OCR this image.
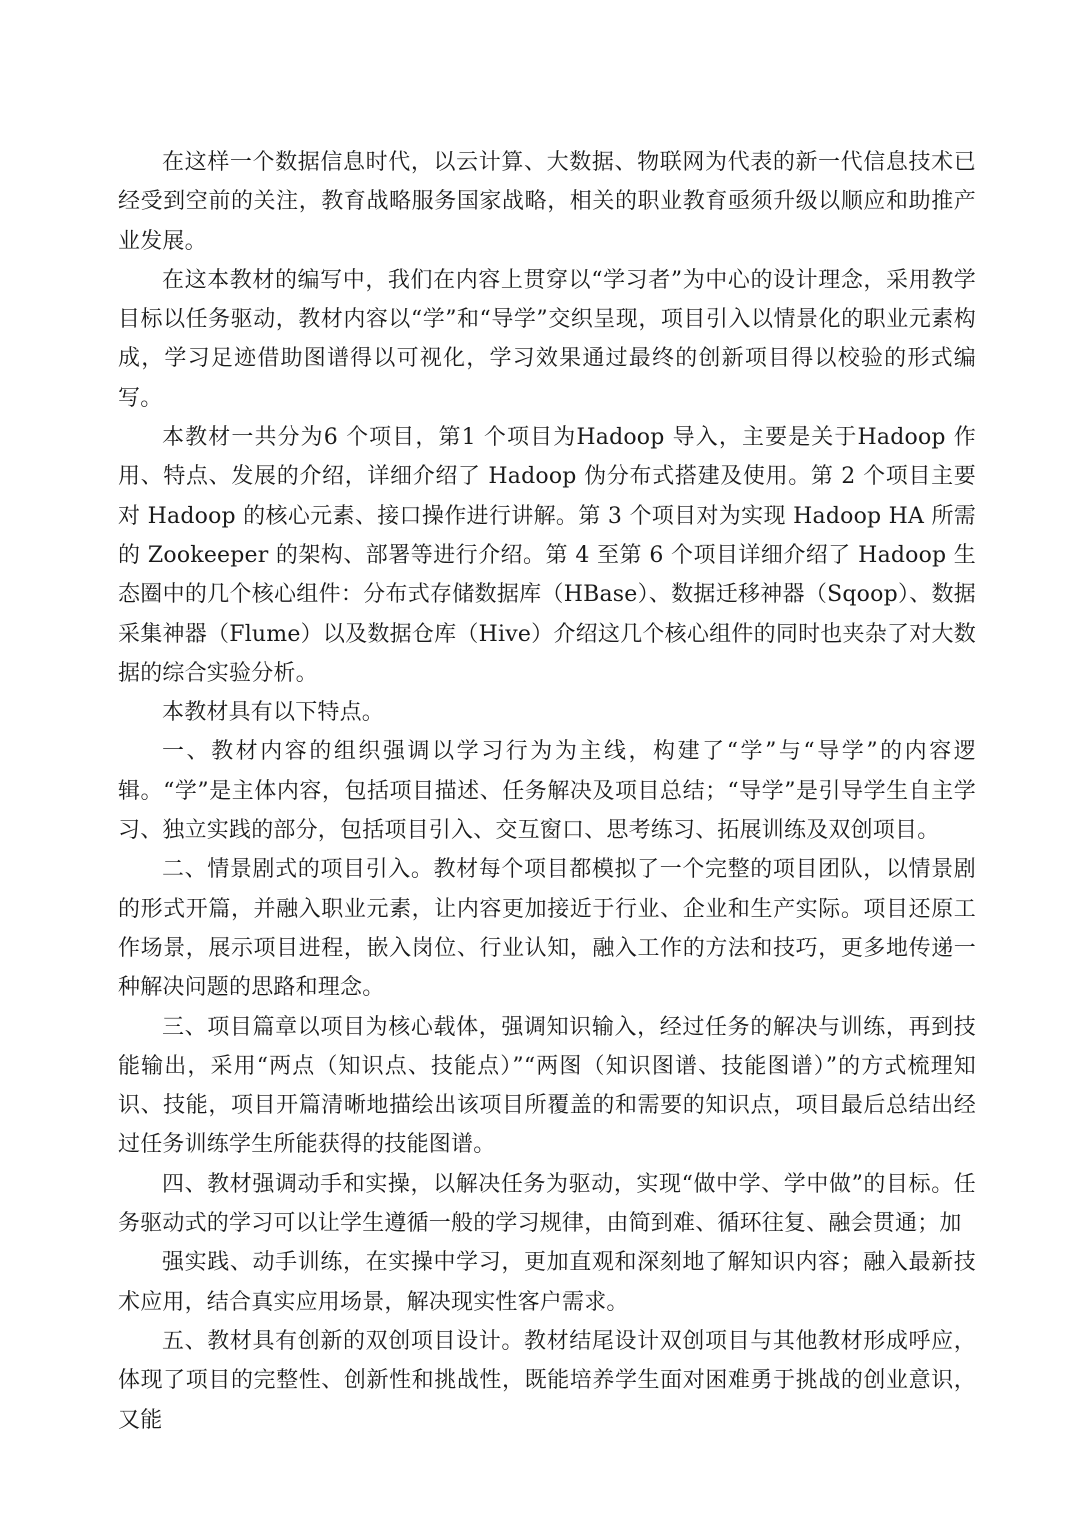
在这样一个数据信息时代，以云计算、大数据、物联网为代表的新一代信息技术已经受到空前的关注，教育战略服务国家战略，相关的职业教育亟须升级以顺应和助推产业发展。

在这本教材的编写中，我们在内容上贯穿以“学习者”为中心的设计理念，采用教学目标以任务驱动，教材内容以“学”和“导学”交织呈现，项目引入以情景化的职业元素构成，学习足迹借助图谱得以可视化，学习效果通过最终的创新项目得以校验的形式编写。

本教材一共分为6 个项目，第1 个项目为Hadoop 导入，主要是关于Hadoop 作用、特点、发展的介绍，详细介绍了 Hadoop 伪分布式搭建及使用。第 2 个项目主要对 Hadoop 的核心元素、接口操作进行讲解。第 3 个项目对为实现 Hadoop HA 所需的 Zookeeper 的架构、部署等进行介绍。第 4 至第 6 个项目详细介绍了 Hadoop 生态圈中的几个核心组件：分布式存储数据库（HBase）、数据迁移神器（Sqoop）、数据采集神器（Flume）以及数据仓库（Hive）介绍这几个核心组件的同时也夹杂了对大数据的综合实验分析。

本教材具有以下特点。

一、教材内容的组织强调以学习行为为主线，构建了“学”与“导学”的内容逻辑。“学”是主体内容，包括项目描述、任务解决及项目总结；“导学”是引导学生自主学习、独立实践的部分，包括项目引入、交互窗口、思考练习、拓展训练及双创项目。

二、情景剧式的项目引入。教材每个项目都模拟了一个完整的项目团队，以情景剧的形式开篇，并融入职业元素，让内容更加接近于行业、企业和生产实际。项目还原工作场景，展示项目进程，嵌入岗位、行业认知，融入工作的方法和技巧，更多地传递一种解决问题的思路和理念。

三、项目篇章以项目为核心载体，强调知识输入，经过任务的解决与训练，再到技能输出，采用“两点（知识点、技能点）”“两图（知识图谱、技能图谱）”的方式梳理知识、技能，项目开篇清晰地描绘出该项目所覆盖的和需要的知识点，项目最后总结出经过任务训练学生所能获得的技能图谱。

四、教材强调动手和实操，以解决任务为驱动，实现“做中学、学中做”的目标。任务驱动式的学习可以让学生遵循一般的学习规律，由简到难、循环往复、融会贯通；加

强实践、动手训练，在实操中学习，更加直观和深刻地了解知识内容；融入最新技术应用，结合真实应用场景，解决现实性客户需求。

五、教材具有创新的双创项目设计。教材结尾设计双创项目与其他教材形成呼应，体现了项目的完整性、创新性和挑战性，既能培养学生面对困难勇于挑战的创业意识，又能
